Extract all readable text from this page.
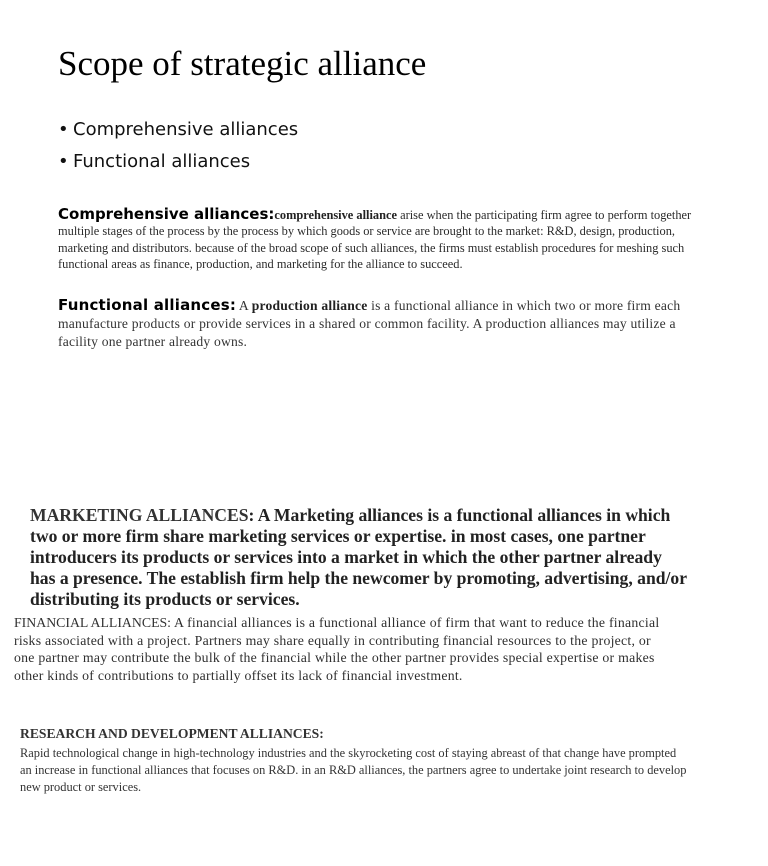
Scope of strategic alliance
• Comprehensive alliances
• Functional alliances

Comprehensive alliances:comprehensive alliance arise when the participating firm agree to perform together multiple stages of the process by the process by which goods or service are brought to the market: R&D, design, production, marketing and distributors. because of the broad scope of such alliances, the firms must establish procedures for meshing such functional areas as finance, production, and marketing for the alliance to succeed.

Functional alliances: A production alliance is a functional alliance in which two or more firm each manufacture products or provide services in a shared or common facility. A production alliances may utilize a facility one partner already owns.

MARKETING ALLIANCES: A Marketing alliances is a functional alliances in which two or more firm share marketing services or expertise. in most cases, one partner introducers its products or services into a market in which the other partner already has a presence. The establish firm help the newcomer by promoting, advertising, and/or distributing its products or services.

FINANCIAL ALLIANCES: A financial alliances is a functional alliance of firm that want to reduce the financial risks associated with a project. Partners may share equally in contributing financial resources to the project, or one partner may contribute the bulk of the financial while the other partner provides special expertise or makes other kinds of contributions to partially offset its lack of financial investment.

RESEARCH AND DEVELOPMENT ALLIANCES:

Rapid technological change in high-technology industries and the skyrocketing cost of staying abreast of that change have prompted an increase in functional alliances that focuses on R&D. in an R&D alliances, the partners agree to undertake joint research to develop new product or services.
